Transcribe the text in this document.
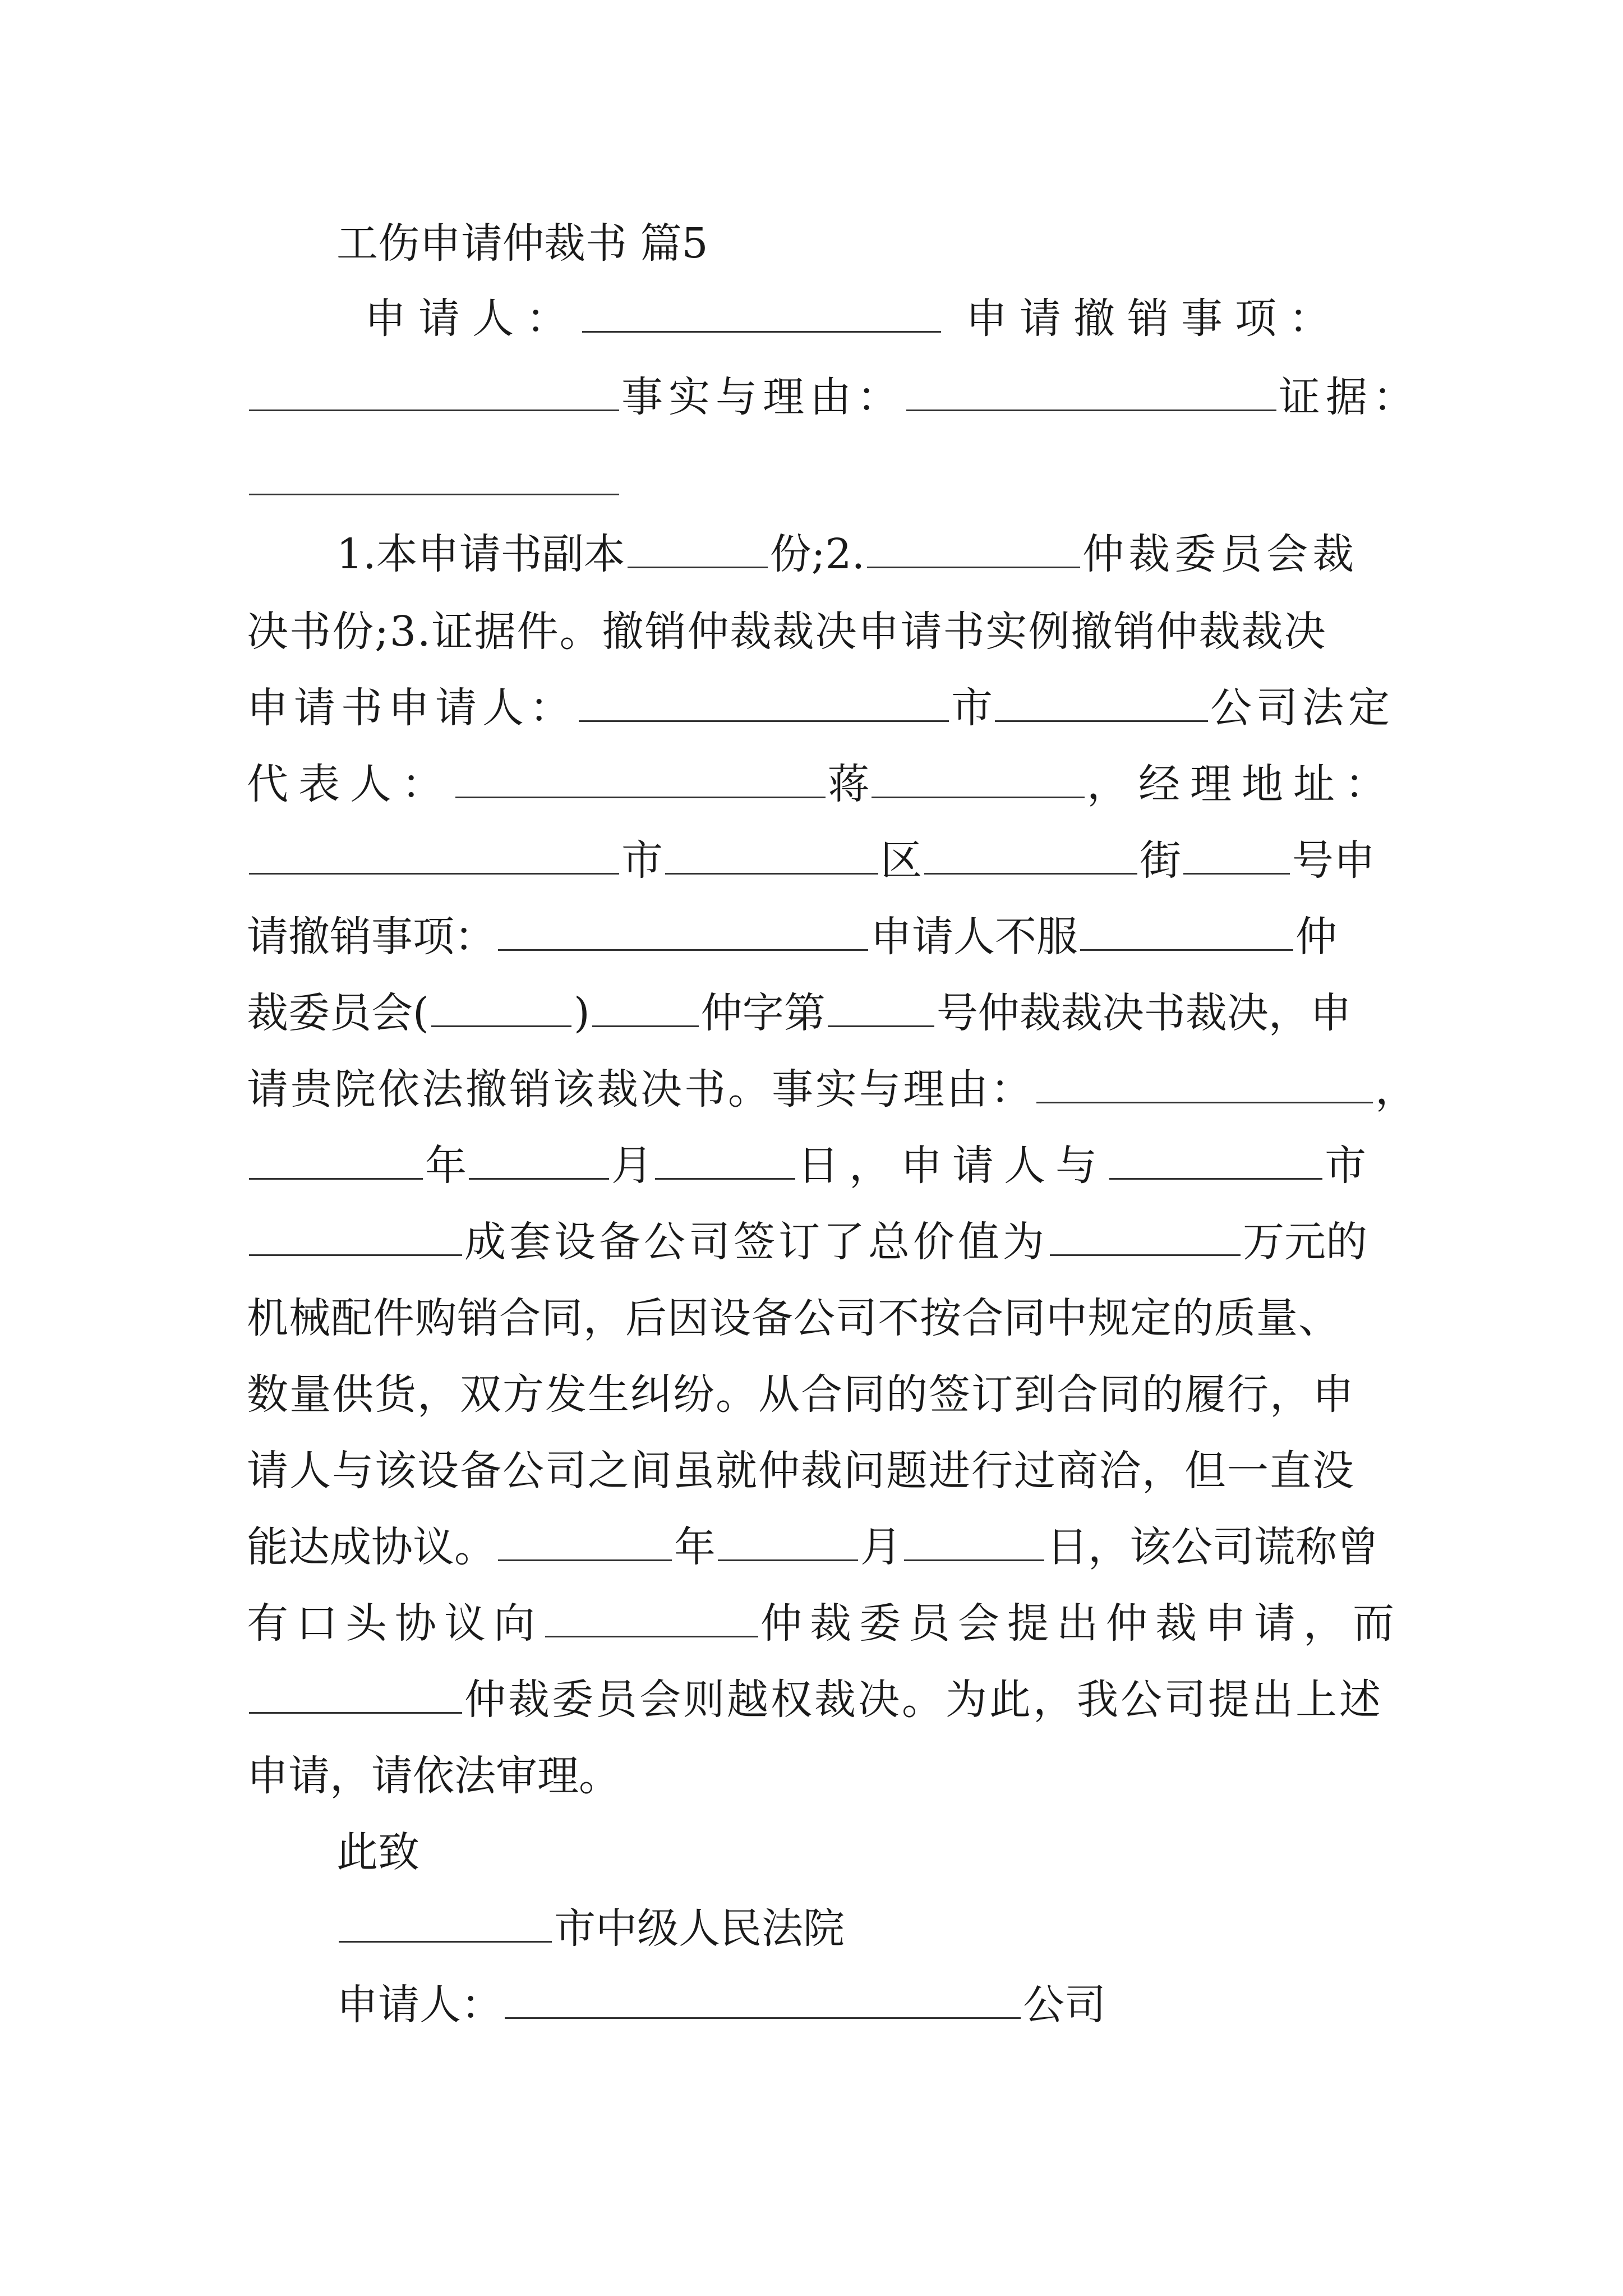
工伤申请仲裁书 篇5
申请人：	申请撤销事项：
事实与理由：	证据：
1.本申请书副本	份;2.	仲裁委员会裁
决书份;3.证据件。撤销仲裁裁决申请书实例撤销仲裁裁决
申请书申请人：	市	公司法定
代表人：	蒋	，经理地址：
市	区	街	号申
请撤销事项：	申请人不服	仲
裁委员会(	)	仲字第	号仲裁裁决书裁决，申
请贵院依法撤销该裁决书。事实与理由：	，
年	月	日，申请人与	市
成套设备公司签订了总价值为	万元的
机械配件购销合同，后因设备公司不按合同中规定的质量、
数量供货，双方发生纠纷。从合同的签订到合同的履行，申
请人与该设备公司之间虽就仲裁问题进行过商洽，但一直没
能达成协议。	年	月	日，该公司谎称曾
有口头协议向	仲裁委员会提出仲裁申请，而
仲裁委员会则越权裁决。为此，我公司提出上述
申请，请依法审理。
此致
市中级人民法院
申请人：	公司
